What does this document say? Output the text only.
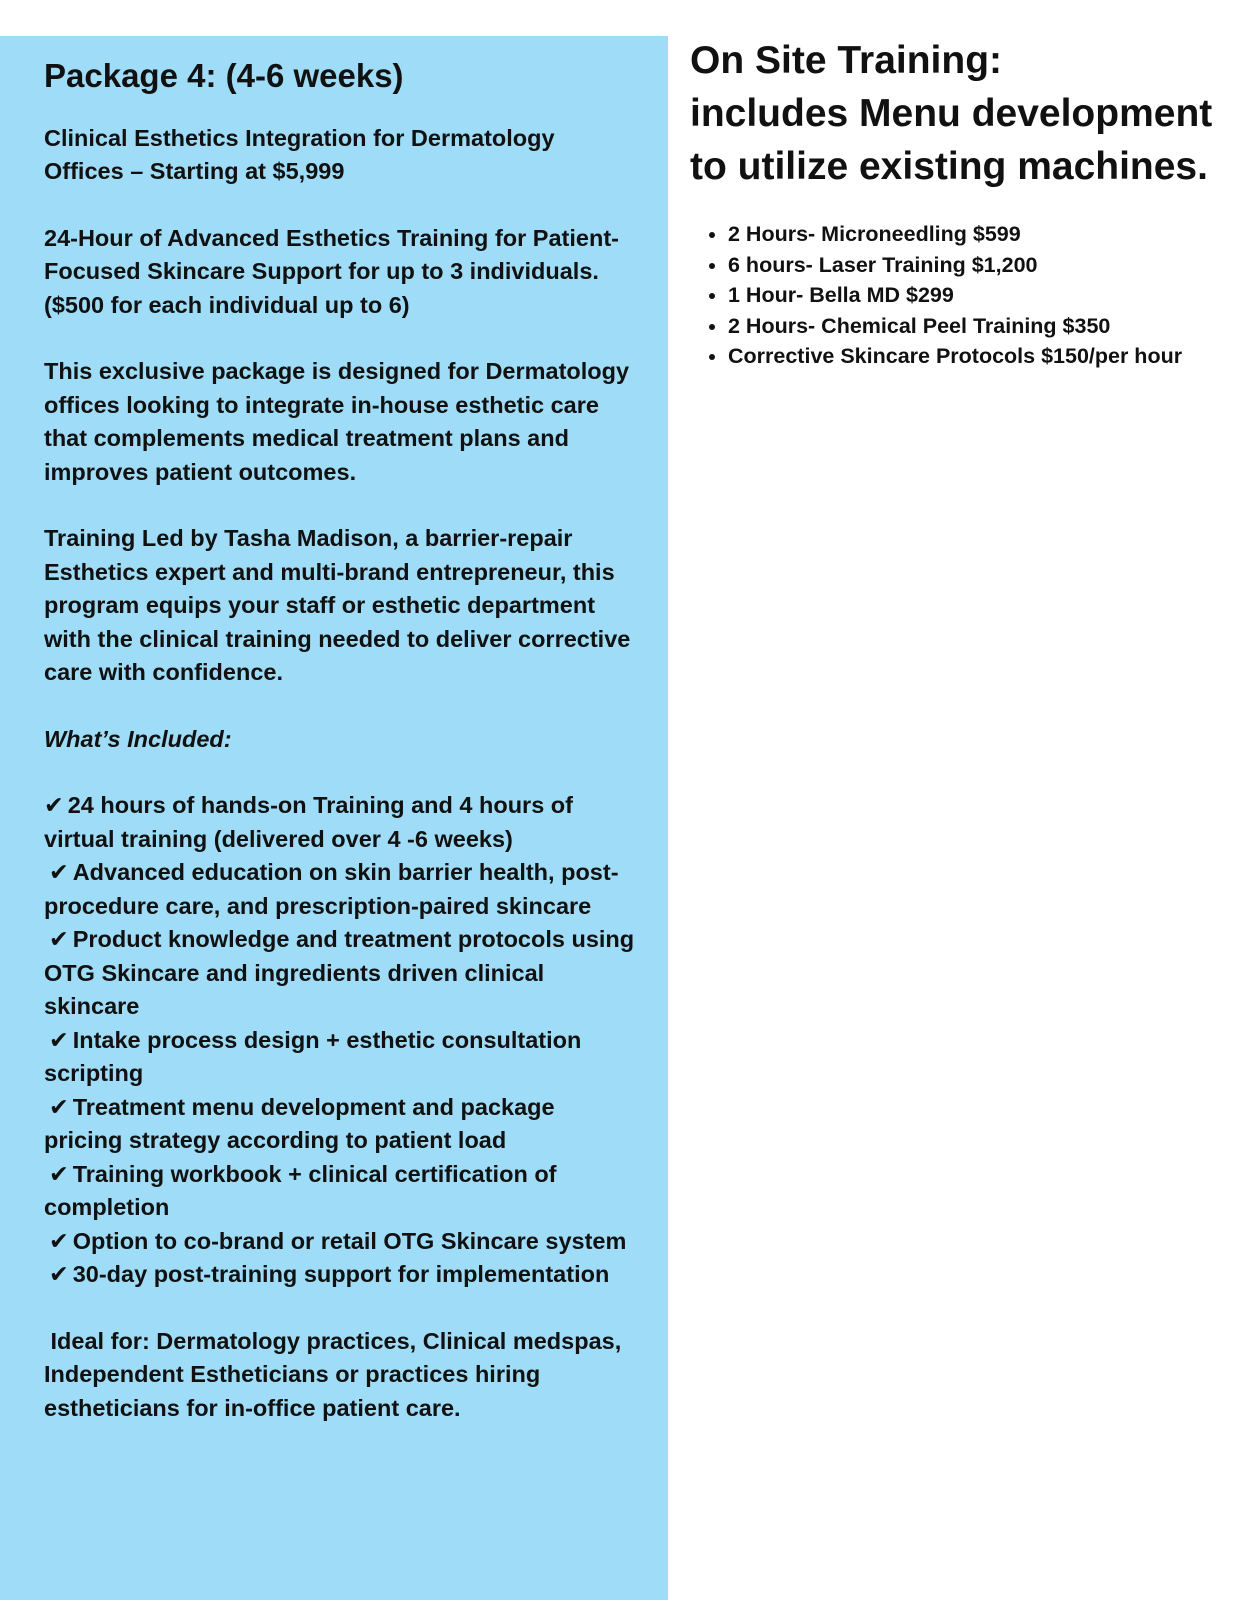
Package 4: (4-6 weeks)

Clinical Esthetics Integration for Dermatology Offices – Starting at $5,999

24-Hour of Advanced Esthetics Training for Patient-Focused Skincare Support for up to 3 individuals. ($500 for each individual up to 6)

This exclusive package is designed for Dermatology offices looking to integrate in-house esthetic care that complements medical treatment plans and improves patient outcomes.

Training Led by Tasha Madison, a barrier-repair Esthetics expert and multi-brand entrepreneur, this program equips your staff or esthetic department with the clinical training needed to deliver corrective care with confidence.

What’s Included:

✔ 24 hours of hands-on Training and 4 hours of virtual training (delivered over 4 -6 weeks)
✔ Advanced education on skin barrier health, post-procedure care, and prescription-paired skincare
✔ Product knowledge and treatment protocols using OTG Skincare and ingredients driven clinical skincare
✔ Intake process design + esthetic consultation scripting
✔ Treatment menu development and package pricing strategy according to patient load
✔ Training workbook + clinical certification of completion
✔ Option to co-brand or retail OTG Skincare system
✔ 30-day post-training support for implementation

Ideal for: Dermatology practices, Clinical medspas, Independent Estheticians or practices hiring estheticians for in-office patient care.

On Site Training:
includes Menu development
to utilize existing machines.
• 2 Hours- Microneedling $599
• 6 hours- Laser Training $1,200
• 1 Hour- Bella MD $299
• 2 Hours- Chemical Peel Training $350
• Corrective Skincare Protocols $150/per hour
